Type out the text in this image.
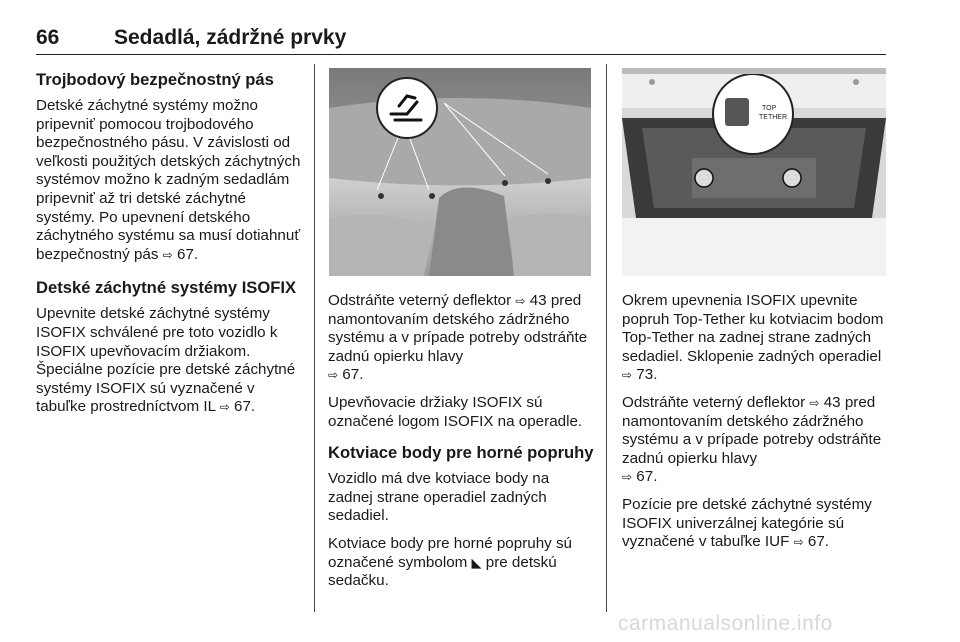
66	Sedadlá, zádržné prvky
Trojbodový bezpečnostný pás

Detské záchytné systémy možno pripevniť pomocou trojbodového bezpečnostného pásu. V závislosti od veľkosti použitých detských záchytných systémov možno k zadným sedadlám pripevniť až tri detské záchytné systémy. Po upevnení detského záchytného systému sa musí dotiahnuť bezpečnostný pás ⇨ 67.

Detské záchytné systémy ISOFIX

Upevnite detské záchytné systémy ISOFIX schválené pre toto vozidlo k ISOFIX upevňovacím držiakom. Špeciálne pozície pre detské záchytné systémy ISOFIX sú vyznačené v tabuľke prostredníctvom IL ⇨ 67.

TOP
TETHER

Odstráňte veterný deflektor ⇨ 43 pred namontovaním detského zádržného systému a v prípade potreby odstráňte zadnú opierku hlavy
⇨ 67.

Upevňovacie držiaky ISOFIX sú označené logom ISOFIX na operadle.

Kotviace body pre horné popruhy

Vozidlo má dve kotviace body na zadnej strane operadiel zadných sedadiel.

Kotviace body pre horné popruhy sú označené symbolom ◣ pre detskú sedačku.

Okrem upevnenia ISOFIX upevnite popruh Top-Tether ku kotviacim bodom Top-Tether na zadnej strane zadných sedadiel. Sklopenie zadných operadiel ⇨ 73.

Odstráňte veterný deflektor ⇨ 43 pred namontovaním detského zádržného systému a v prípade potreby odstráňte zadnú opierku hlavy
⇨ 67.

Pozície pre detské záchytné systémy ISOFIX univerzálnej kategórie sú vyznačené v tabuľke IUF ⇨ 67.

carmanualsonline.info
